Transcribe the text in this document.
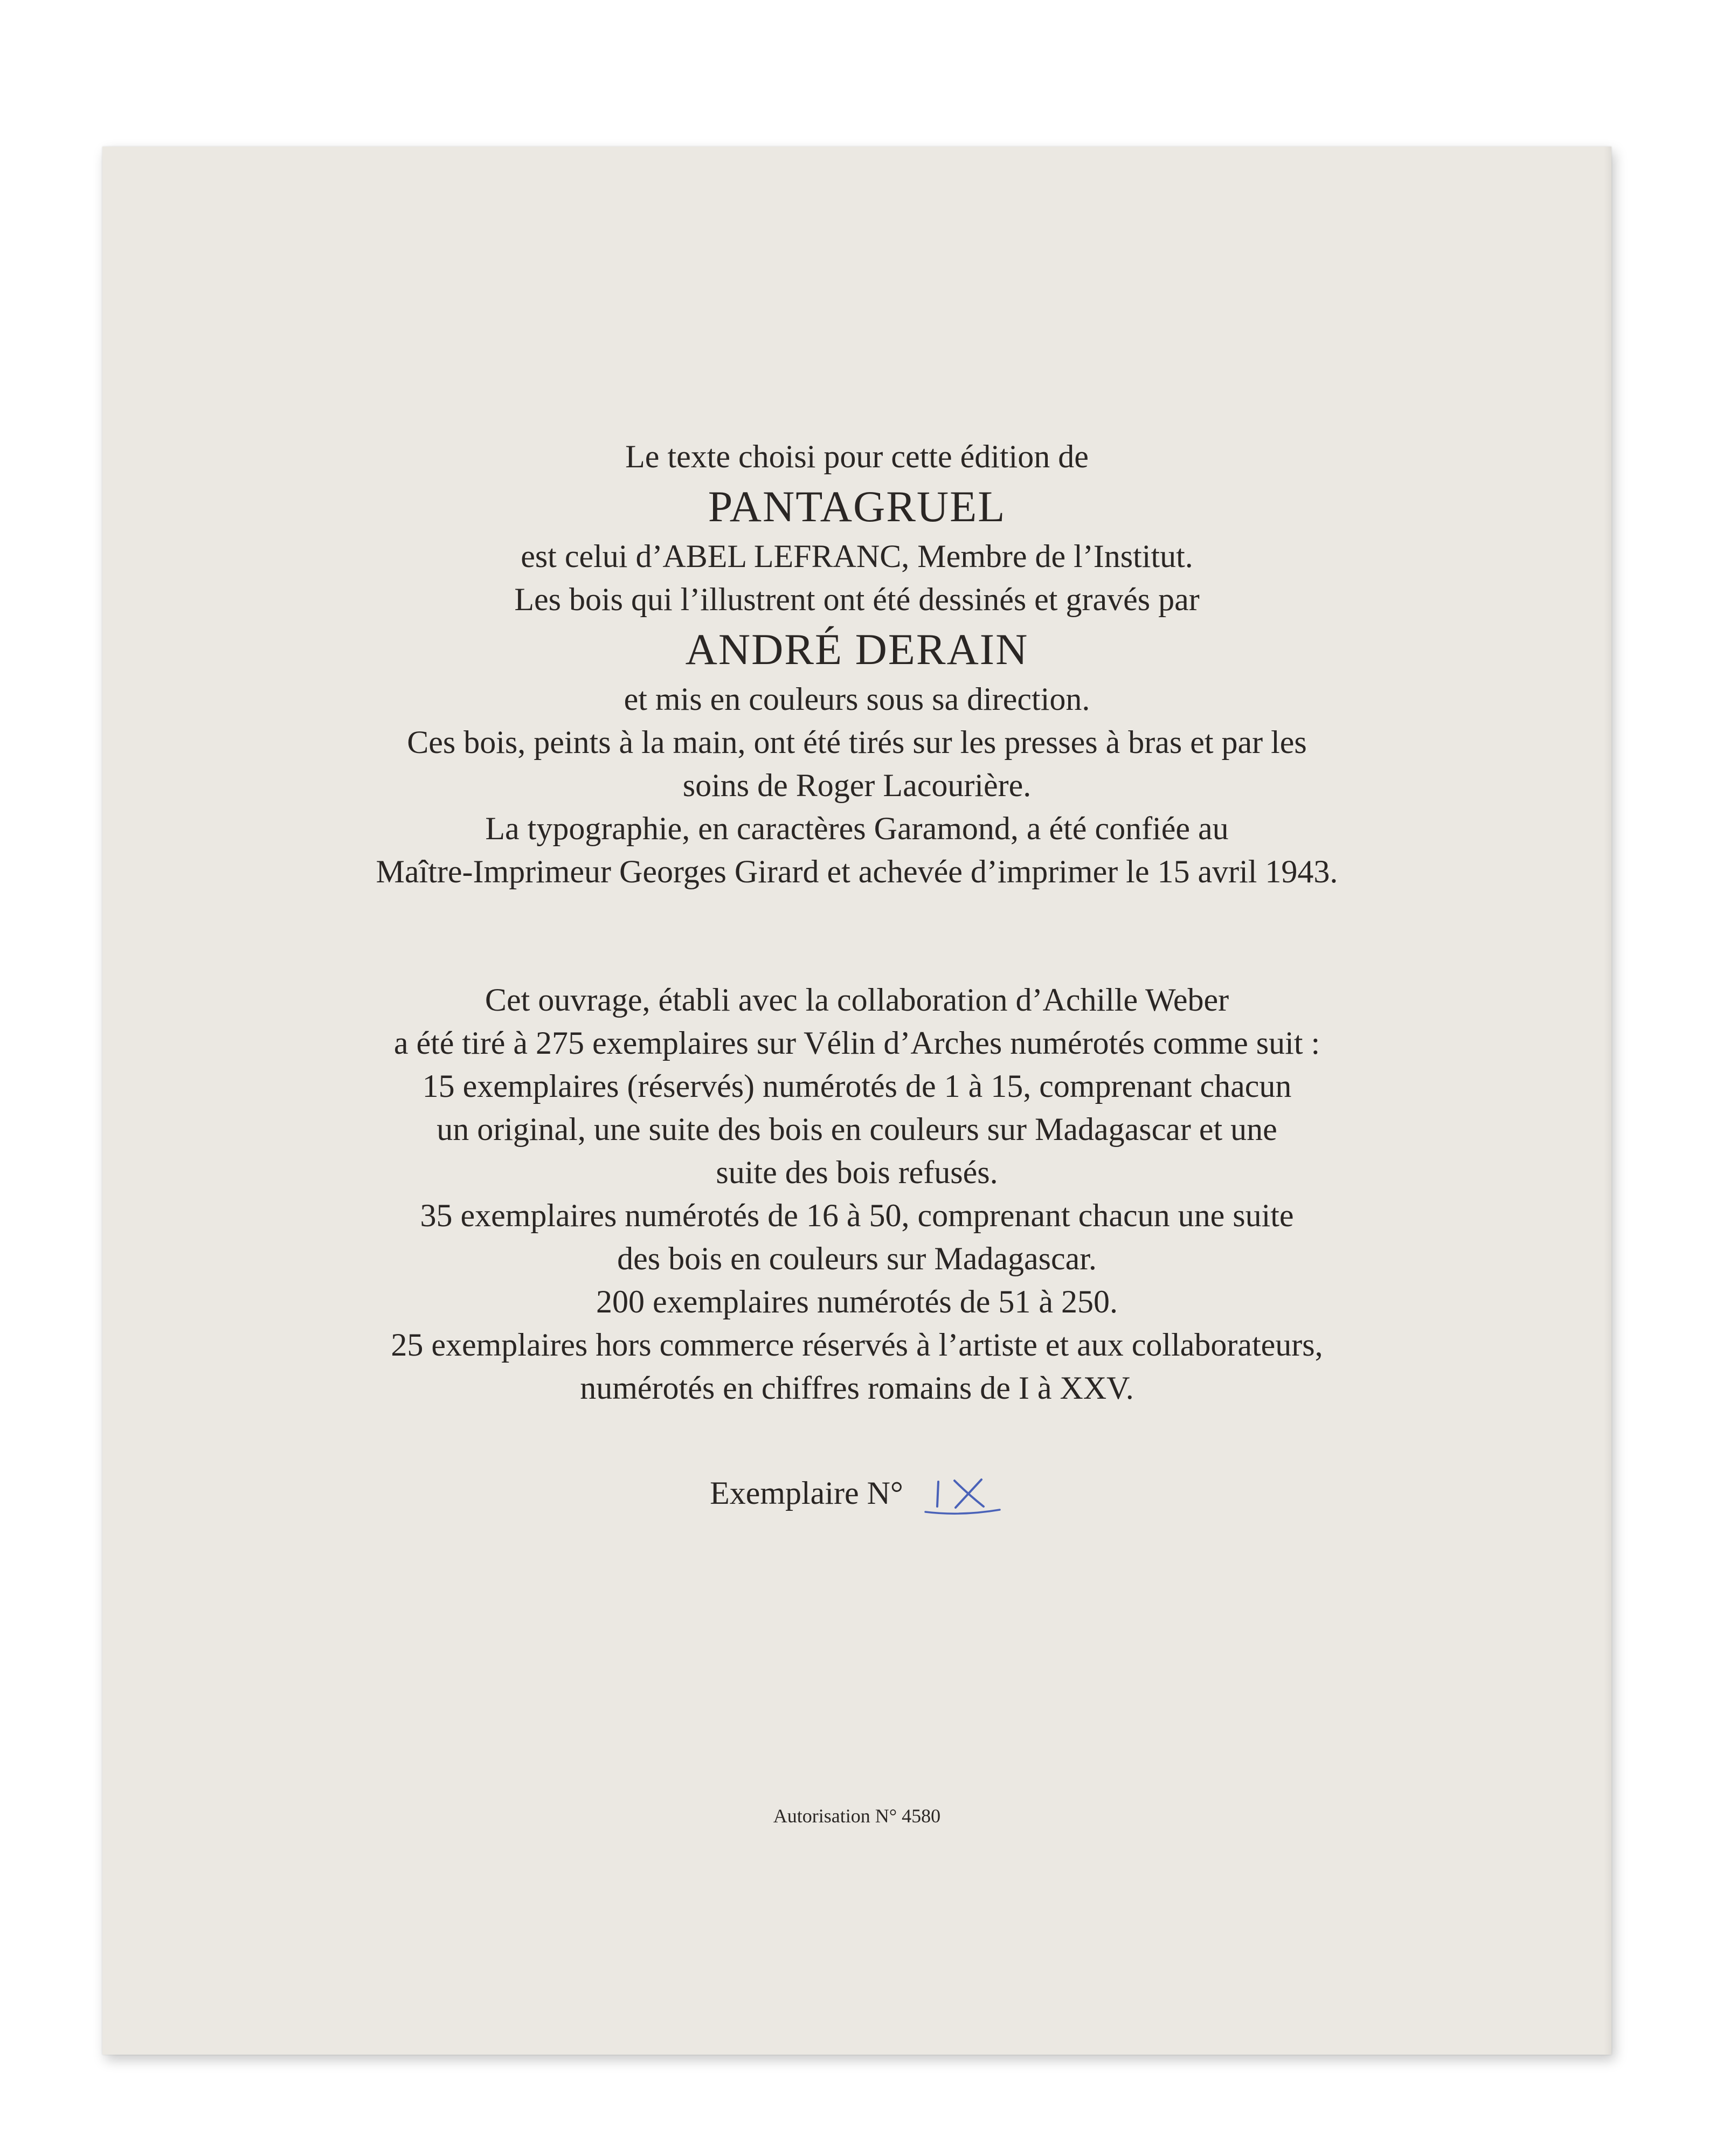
Le texte choisi pour cette édition de
PANTAGRUEL
est celui d’ABEL LEFRANC, Membre de l’Institut.
Les bois qui l’illustrent ont été dessinés et gravés par
ANDRÉ DERAIN
et mis en couleurs sous sa direction.
Ces bois, peints à la main, ont été tirés sur les presses à bras et par les
soins de Roger Lacourière.
La typographie, en caractères Garamond, a été confiée au
Maître-Imprimeur Georges Girard et achevée d’imprimer le 15 avril 1943.
Cet ouvrage, établi avec la collaboration d’Achille Weber
a été tiré à 275 exemplaires sur Vélin d’Arches numérotés comme suit :
15 exemplaires (réservés) numérotés de 1 à 15, comprenant chacun
un original, une suite des bois en couleurs sur Madagascar et une
suite des bois refusés.
35 exemplaires numérotés de 16 à 50, comprenant chacun une suite
des bois en couleurs sur Madagascar.
200 exemplaires numérotés de 51 à 250.
25 exemplaires hors commerce réservés à l’artiste et aux collaborateurs,
numérotés en chiffres romains de I à XXV.
Exemplaire N°
Autorisation N° 4580
